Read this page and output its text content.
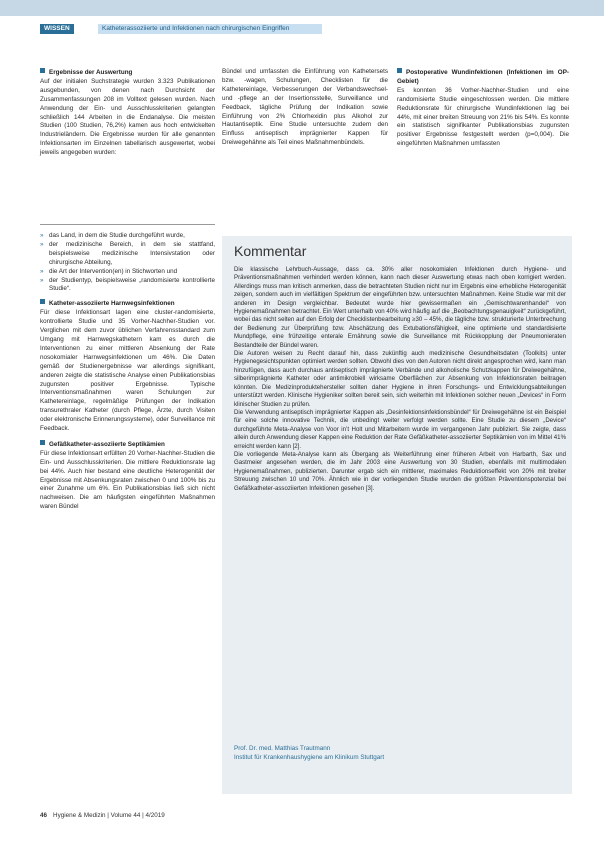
WISSEN	Katheterassoziierte und Infektionen nach chirurgischen Eingriffen
Ergebnisse der Auswertung

Auf der initialen Suchstrategie wurden 3.323 Publikationen ausgebunden, von denen nach Durchsicht der Zusammenfassungen 208 im Volltext gelesen wurden. Nach Anwendung der Ein- und Ausschlusskriterien gelangten schließlich 144 Arbeiten in die Endanalyse. Die meisten Studien (100 Studien, 76,2%) kamen aus hoch entwickelten Industrieländern. Die Ergebnisse wurden für alle genannten Infektionsarten im Einzelnen tabellarisch ausgewertet, wobei jeweils angegeben wurden:

» das Land, in dem die Studie durchgeführt wurde,
» der medizinische Bereich, in dem sie stattfand, beispielsweise medizinische Intensivstation oder chirurgische Abteilung,
» die Art der Intervention(en) in Stichworten und
» der Studientyp, beispielsweise „randomisierte kontrollierte Studie“.
Katheter-assoziierte Harnwegsinfektionen

Für diese Infektionsart lagen eine cluster-randomisierte, kontrollierte Studie und 35 Vorher-Nachher-Studien vor. Verglichen mit dem zuvor üblichen Verfahrensstandard zum Umgang mit Harnwegskathetern kam es durch die Interventionen zu einer mittleren Absenkung der Rate nosokomialer Harnwegsinfektionen um 46%. Die Daten gemäß der Studienergebnisse war allerdings signifikant, anderen zeigte die statistische Analyse einen Publikationsbias zugunsten positiver Ergebnisse. Typische Interventionsmaßnahmen waren Schulungen zur Kathetereinlage, regelmäßige Prüfungen der Indikation transurethraler Katheter (durch Pflege, Ärzte, durch Visiten oder elektronische Erinnerungssysteme), oder Surveillance mit Feedback.

Gefäßkatheter-assoziierte Septikämien

Für diese Infektionsart erfüllten 20 Vorher-Nachher-Studien die Ein- und Ausschlusskriterien. Die mittlere Reduktionsrate lag bei 44%. Auch hier bestand eine deutliche Heterogenität der Ergebnisse mit Absenkungsraten zwischen 0 und 100% bis zu einer Zunahme um 6%. Ein Publikationsbias ließ sich nicht nachweisen. Die am häufigsten eingeführten Maßnahmen waren Bündel

Bündel und umfassten die Einführung von Kathetersets bzw. -wagen, Schulungen, Checklisten für die Kathetereinlage, Verbesserungen der Verbandswechsel- und -pflege an der Insertionsstelle, Surveillance und Feedback, tägliche Prüfung der Indikation sowie Einführung von 2% Chlorhexidin plus Alkohol zur Hautantiseptik. Eine Studie untersuchte zudem den Einfluss antiseptisch imprägnierter Kappen für Dreiwegehähne als Teil eines Maßnahmenbündels.

Postoperative Wundinfektionen (Infektionen im OP-Gebiet)

Es konnten 36 Vorher-Nachher-Studien und eine randomisierte Studie eingeschlossen werden. Die mittlere Reduktionsrate für chirurgische Wundinfektionen lag bei 44%, mit einer breiten Streuung von 21% bis 54%. Es konnte ein statistisch signifikanter Publikationsbias zugunsten positiver Ergebnisse festgestellt werden (p=0,004). Die eingeführten Maßnahmen umfassten

Kommentar

Die klassische Lehrbuch-Aussage, dass ca. 30% aller nosokomialen Infektionen durch Hygiene- und Präventionsmaßnahmen verhindert werden können, kann nach dieser Auswertung etwas nach oben korrigiert werden. Allerdings muss man kritisch anmerken, dass die betrachteten Studien nicht nur im Ergebnis eine erhebliche Heterogenität zeigen, sondern auch im vielfältigen Spektrum der eingeführten bzw. untersuchten Maßnahmen. Keine Studie war mit der anderen im Design vergleichbar. Bedeutet wurde hier gewissermaßen ein „Gemischtwarenhandel“ von Hygienemaßnahmen betrachtet. Ein Wert unterhalb von 40% wird häufig auf die „Beobachtungsgenauigkeit“ zurückgeführt, wobei das nicht selten auf den Erfolg der Checklistenbearbeitung ≥30 – 45%, die tägliche bzw. strukturierte Unterbrechung der Bedienung zur Überprüfung bzw. Abschätzung des Extubationsfähigkeit, eine optimierte und standardisierte Mundpflege, eine frühzeitige enterale Ernährung sowie die Surveillance mit Rückkopplung der Pneumonieraten Bestandteile der Bündel waren.

Die Autoren weisen zu Recht darauf hin, dass zukünftig auch medizinische Gesundheitsdaten (Toolkits) unter Hygienegesichtspunkten optimiert werden sollten. Obwohl dies von den Autoren nicht direkt angesprochen wird, kann man hinzufügen, dass auch durchaus antiseptisch imprägnierte Verbände und alkoholische Schutzkappen für Dreiwegehähne, silberimprägnierte Katheter oder antimikrobiell wirksame Oberflächen zur Absenkung von Infektionsraten beitragen könnten. Die Medizinproduktehersteller sollten daher Hygiene in ihren Forschungs- und Entwicklungsabteilungen unterstützt werden. Klinische Hygieniker sollten bereit sein, sich weiterhin mit Infektionen solcher neuen „Devices“ in Form klinischer Studien zu prüfen.

Die Verwendung antiseptisch imprägnierter Kappen als „Desinfektionsinfektionsbündel“ für Dreiwegehähne ist ein Beispiel für eine solche innovative Technik, die unbedingt weiter verfolgt werden sollte. Eine Studie zu diesem „Device“ durchgeführte Meta-Analyse von Voor in’t Holt und Mitarbeitern wurde im vergangenen Jahr publiziert. Sie zeigte, dass allein durch Anwendung dieser Kappen eine Reduktion der Rate Gefäßkatheter-assoziierter Septikämien von im Mittel 41% erreicht werden kann [2].

Die vorliegende Meta-Analyse kann als Übergang als Weiterführung einer früheren Arbeit von Harbarth, Sax und Gastmeier angesehen werden, die im Jahr 2003 eine Auswertung von 30 Studien, ebenfalls mit multimodalen Hygienemaßnahmen, publizierten. Darunter ergab sich ein mittlerer, maximales Reduktionseffekt von 20% mit breiter Streuung zwischen 10 und 70%. Ähnlich wie in der vorliegenden Studie wurden die größten Präventionspotenzial bei Gefäßkatheter-assoziierten Infektionen gesehen [3].

Prof. Dr. med. Matthias Trautmann
Institut für Krankenhaushygiene am Klinikum Stuttgart
46 Hygiene & Medizin | Volume 44 | 4/2019
